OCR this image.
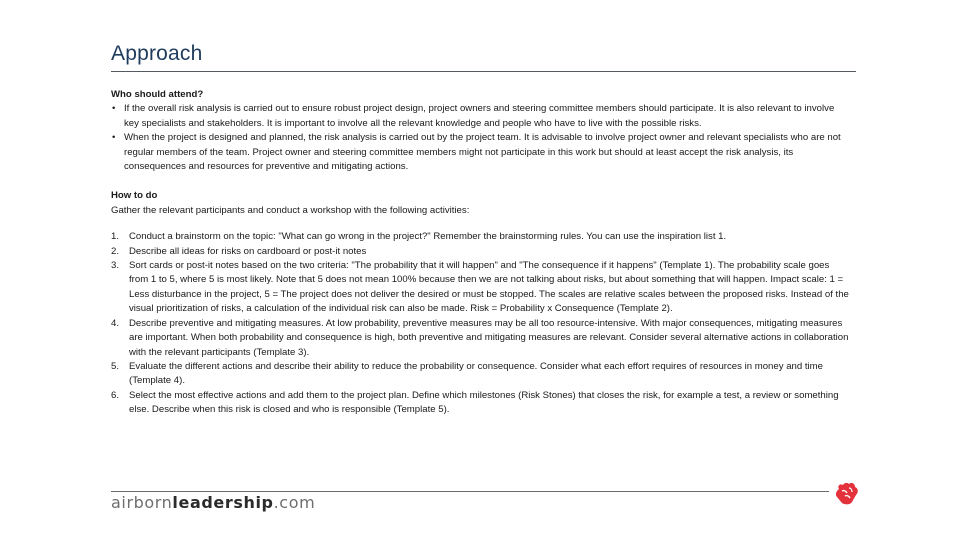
Approach

Who should attend?

• If the overall risk analysis is carried out to ensure robust project design, project owners and steering committee members should participate. It is also relevant to involve key specialists and stakeholders. It is important to involve all the relevant knowledge and people who have to live with the possible risks.
• When the project is designed and planned, the risk analysis is carried out by the project team. It is advisable to involve project owner and relevant specialists who are not regular members of the team. Project owner and steering committee members might not participate in this work but should at least accept the risk analysis, its consequences and resources for preventive and mitigating actions.

How to do

Gather the relevant participants and conduct a workshop with the following activities:

1. Conduct a brainstorm on the topic: "What can go wrong in the project?" Remember the brainstorming rules. You can use the inspiration list 1.
2. Describe all ideas for risks on cardboard or post-it notes
3. Sort cards or post-it notes based on the two criteria: "The probability that it will happen" and "The consequence if it happens" (Template 1). The probability scale goes from 1 to 5, where 5 is most likely. Note that 5 does not mean 100% because then we are not talking about risks, but about something that will happen. Impact scale: 1 = Less disturbance in the project, 5 = The project does not deliver the desired or must be stopped. The scales are relative scales between the proposed risks. Instead of the visual prioritization of risks, a calculation of the individual risk can also be made. Risk = Probability x Consequence (Template 2).
4. Describe preventive and mitigating measures. At low probability, preventive measures may be all too resource-intensive. With major consequences, mitigating measures are important. When both probability and consequence is high, both preventive and mitigating measures are relevant. Consider several alternative actions in collaboration with the relevant participants (Template 3).
5. Evaluate the different actions and describe their ability to reduce the probability or consequence. Consider what each effort requires of resources in money and time (Template 4).
6. Select the most effective actions and add them to the project plan. Define which milestones (Risk Stones) that closes the risk, for example a test, a review or something else. Describe when this risk is closed and who is responsible (Template 5).
airbornleadership.com
